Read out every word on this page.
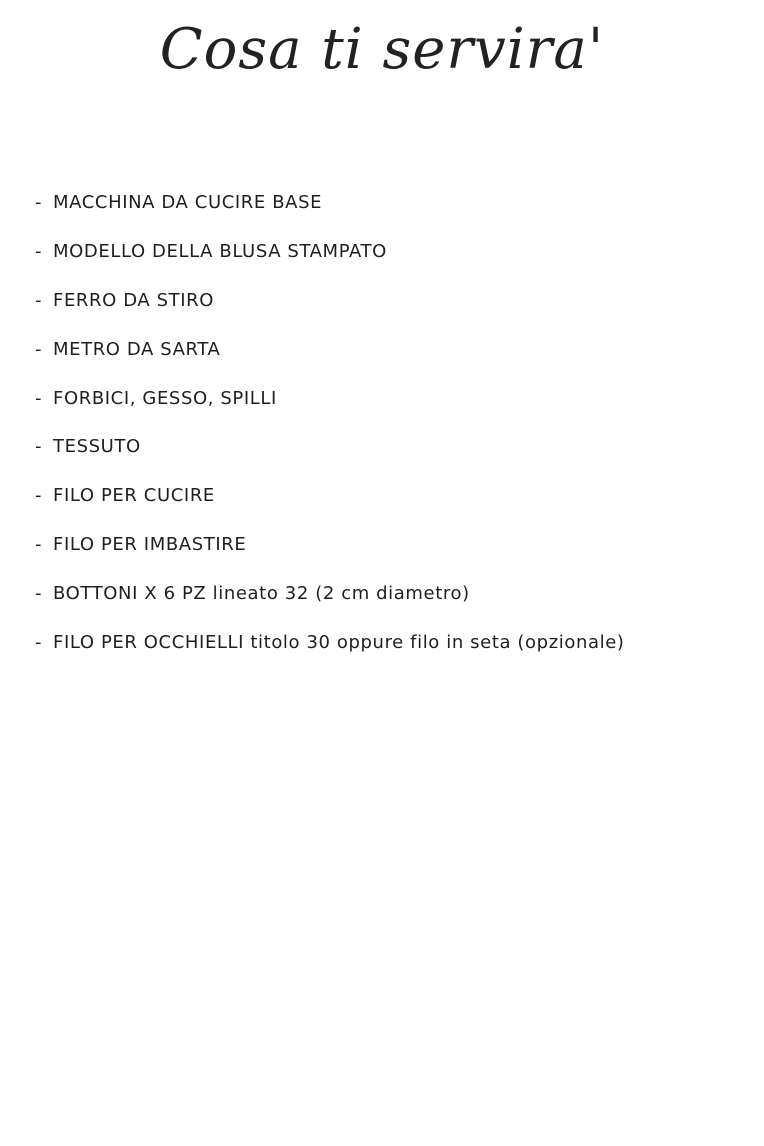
Cosa ti servira'
- MACCHINA DA CUCIRE BASE
- MODELLO DELLA BLUSA STAMPATO
- FERRO DA STIRO
- METRO DA SARTA
- FORBICI, GESSO, SPILLI
- TESSUTO
- FILO PER CUCIRE
- FILO PER IMBASTIRE
- BOTTONI X 6 PZ lineato 32 (2 cm diametro)
- FILO PER OCCHIELLI titolo 30 oppure filo in seta (opzionale)
